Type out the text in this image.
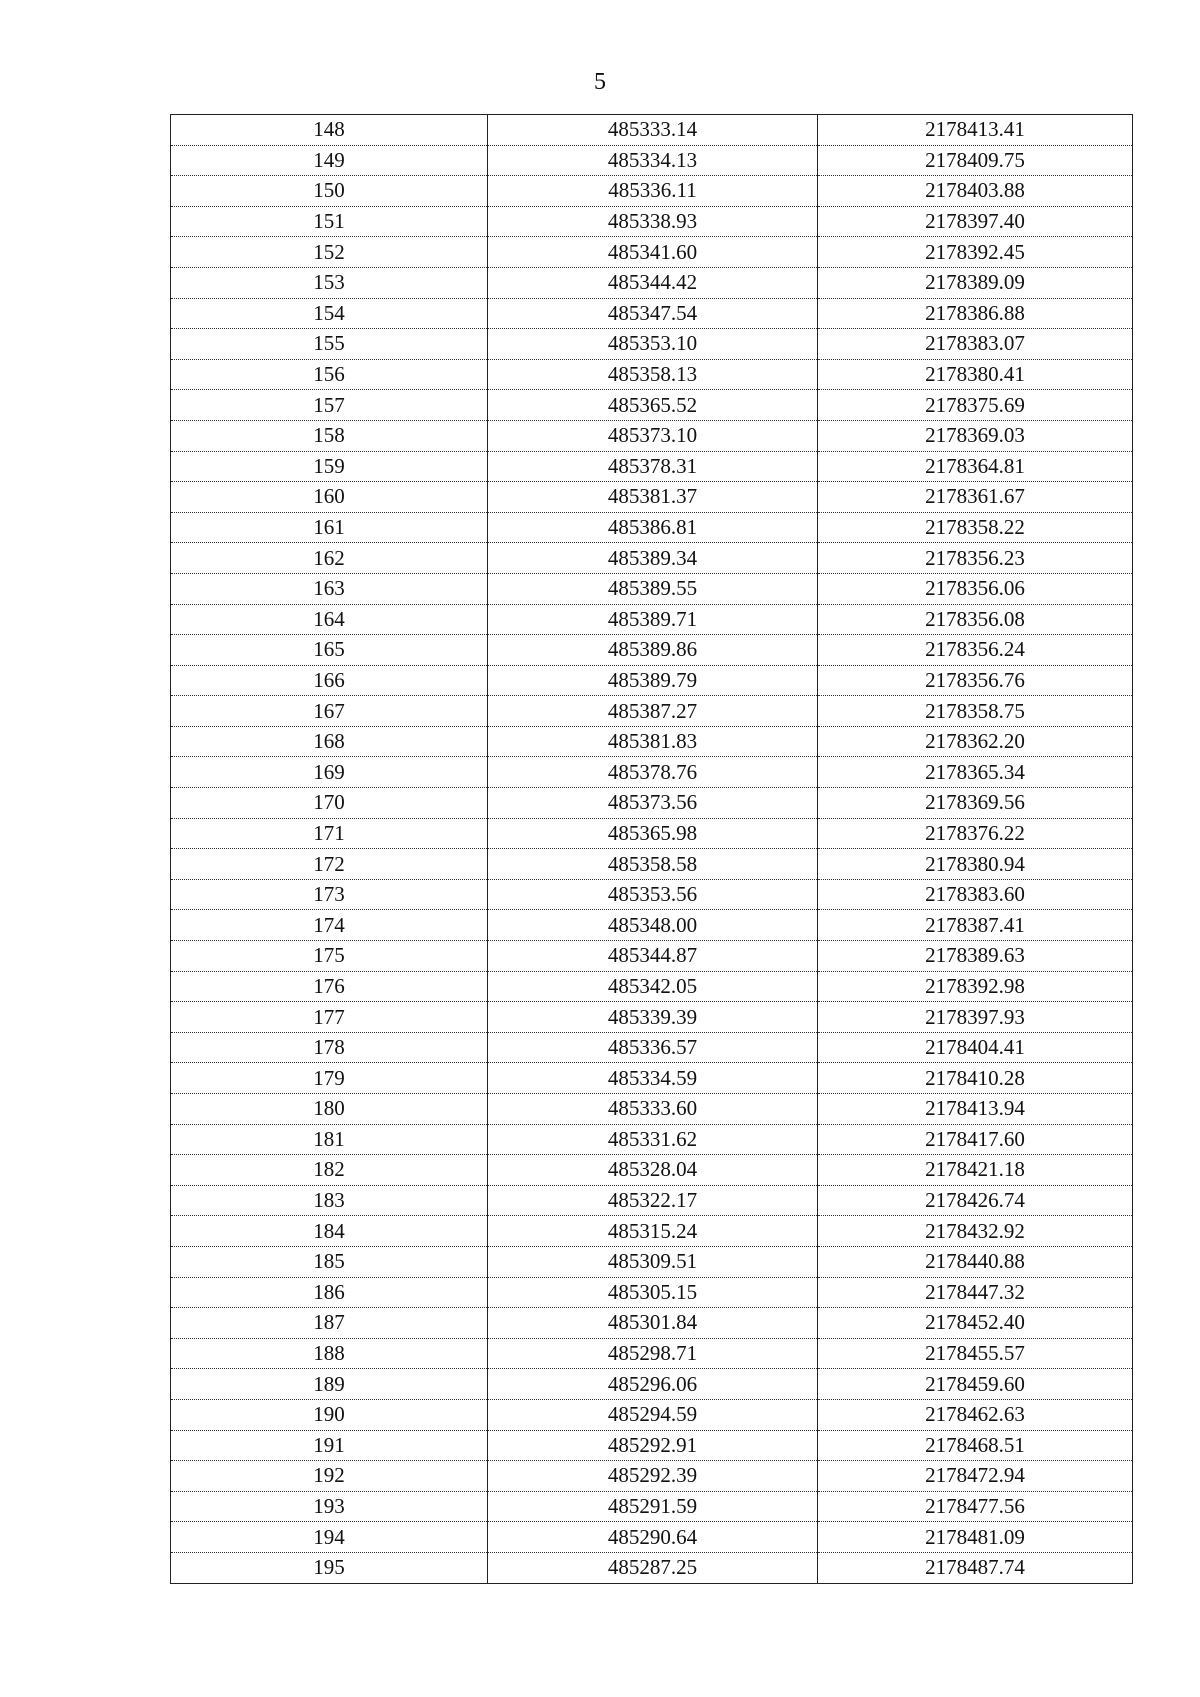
5
148	485333.14	2178413.41
149	485334.13	2178409.75
150	485336.11	2178403.88
151	485338.93	2178397.40
152	485341.60	2178392.45
153	485344.42	2178389.09
154	485347.54	2178386.88
155	485353.10	2178383.07
156	485358.13	2178380.41
157	485365.52	2178375.69
158	485373.10	2178369.03
159	485378.31	2178364.81
160	485381.37	2178361.67
161	485386.81	2178358.22
162	485389.34	2178356.23
163	485389.55	2178356.06
164	485389.71	2178356.08
165	485389.86	2178356.24
166	485389.79	2178356.76
167	485387.27	2178358.75
168	485381.83	2178362.20
169	485378.76	2178365.34
170	485373.56	2178369.56
171	485365.98	2178376.22
172	485358.58	2178380.94
173	485353.56	2178383.60
174	485348.00	2178387.41
175	485344.87	2178389.63
176	485342.05	2178392.98
177	485339.39	2178397.93
178	485336.57	2178404.41
179	485334.59	2178410.28
180	485333.60	2178413.94
181	485331.62	2178417.60
182	485328.04	2178421.18
183	485322.17	2178426.74
184	485315.24	2178432.92
185	485309.51	2178440.88
186	485305.15	2178447.32
187	485301.84	2178452.40
188	485298.71	2178455.57
189	485296.06	2178459.60
190	485294.59	2178462.63
191	485292.91	2178468.51
192	485292.39	2178472.94
193	485291.59	2178477.56
194	485290.64	2178481.09
195	485287.25	2178487.74
